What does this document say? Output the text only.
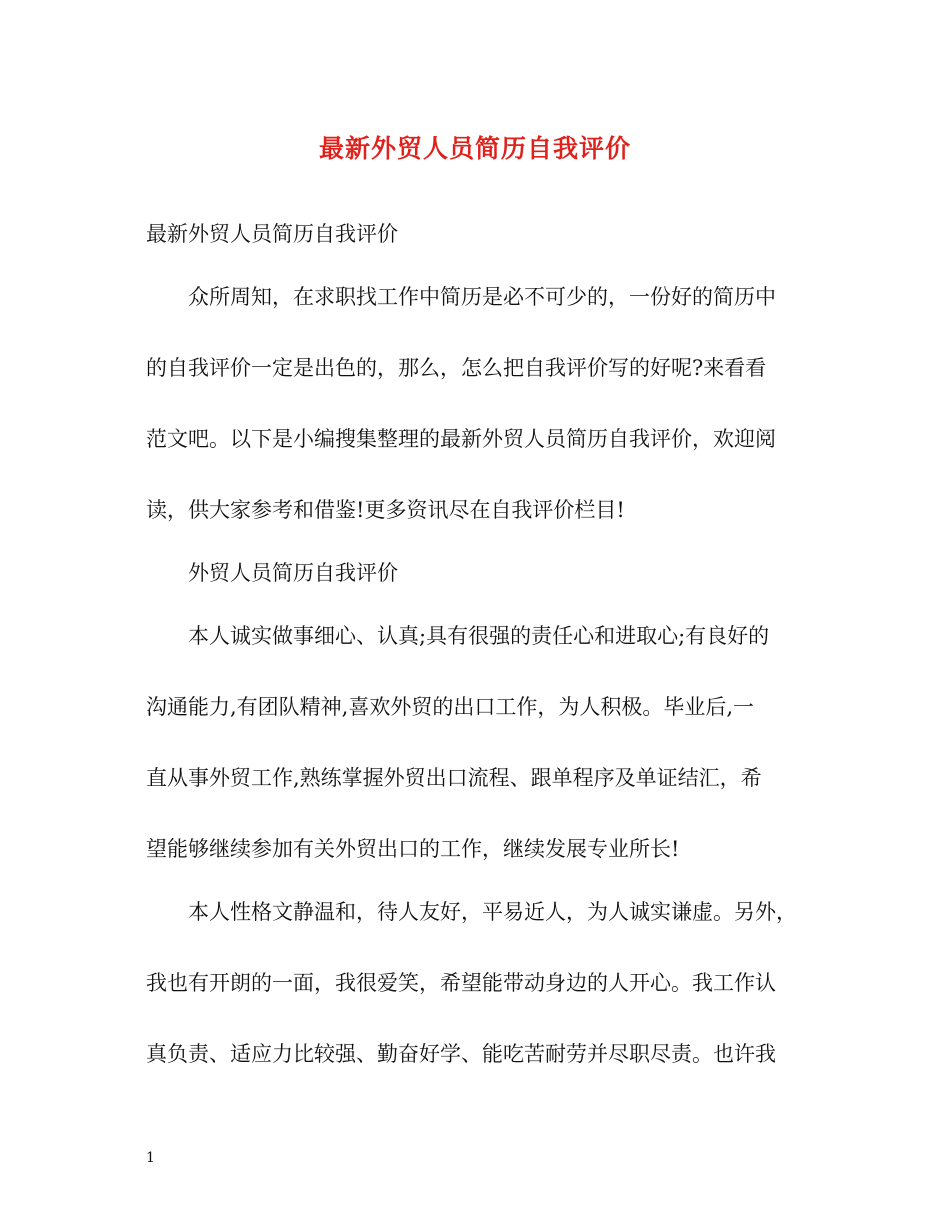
最新外贸人员简历自我评价
最新外贸人员简历自我评价
众所周知，在求职找工作中简历是必不可少的，一份好的简历中
的自我评价一定是出色的，那么，怎么把自我评价写的好呢?来看看
范文吧。以下是小编搜集整理的最新外贸人员简历自我评价，欢迎阅
读，供大家参考和借鉴!更多资讯尽在自我评价栏目!
外贸人员简历自我评价
本人诚实做事细心、认真;具有很强的责任心和进取心;有良好的
沟通能力,有团队精神,喜欢外贸的出口工作，为人积极。毕业后,一
直从事外贸工作,熟练掌握外贸出口流程、跟单程序及单证结汇，希
望能够继续参加有关外贸出口的工作，继续发展专业所长!
本人性格文静温和，待人友好，平易近人，为人诚实谦虚。另外，
我也有开朗的一面，我很爱笑，希望能带动身边的人开心。我工作认
真负责、适应力比较强、勤奋好学、能吃苦耐劳并尽职尽责。也许我
1
